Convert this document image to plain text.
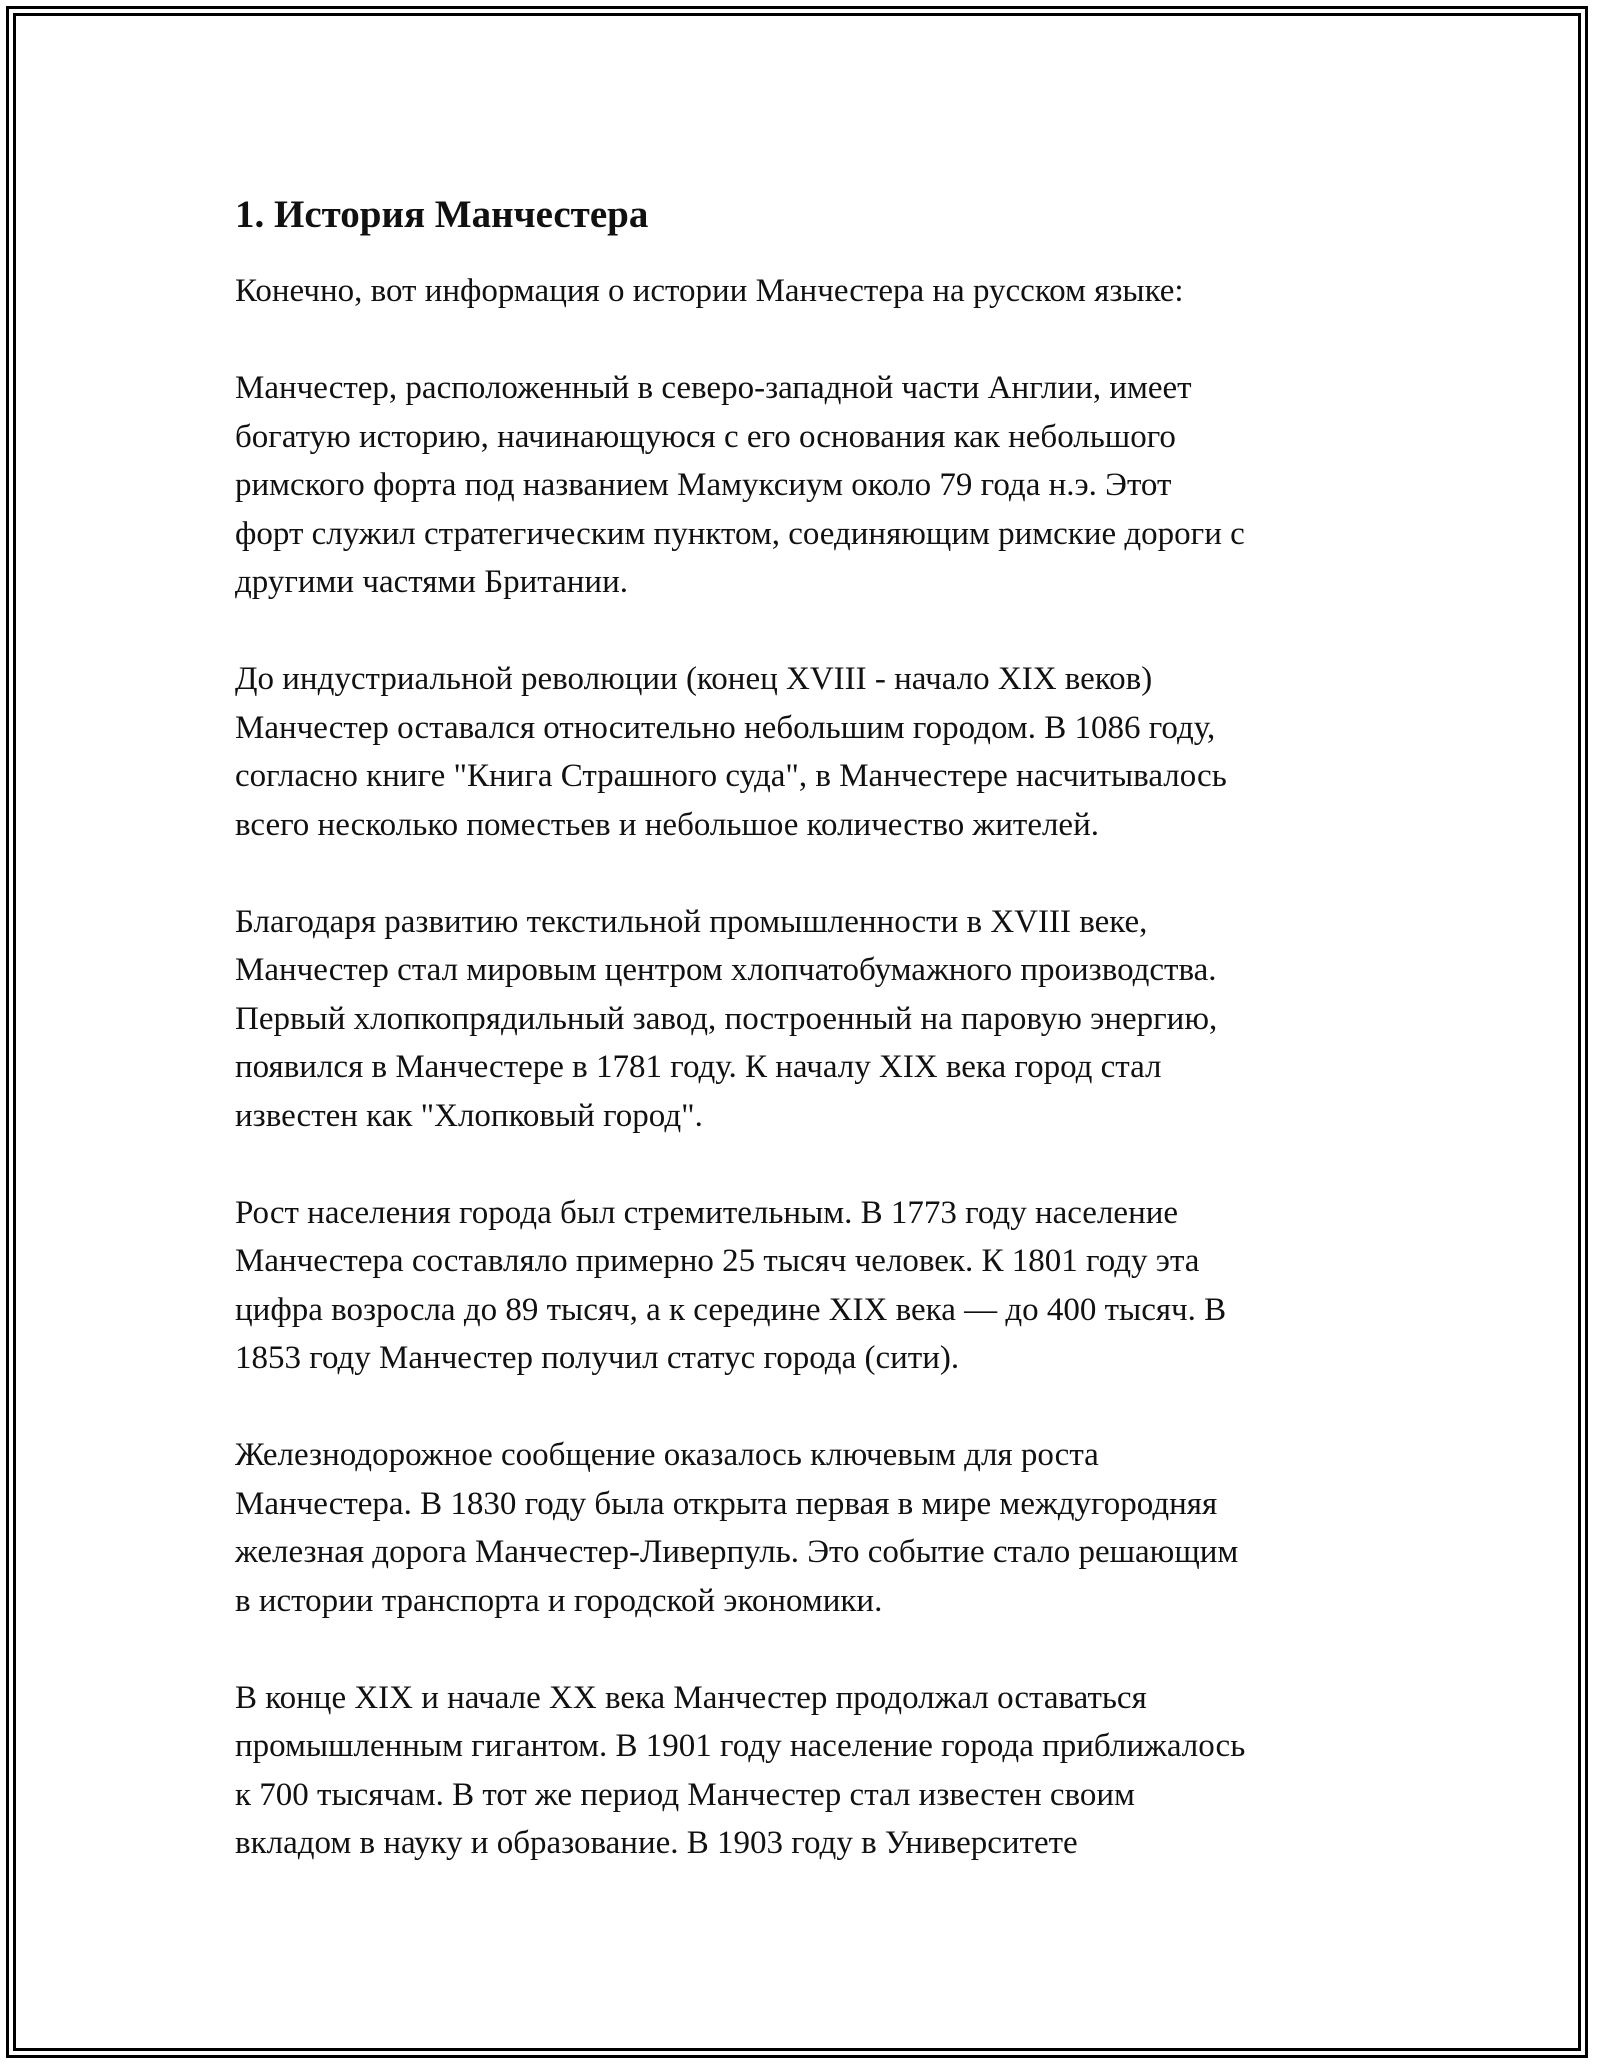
1. История Манчестера

Конечно, вот информация о истории Манчестера на русском языке:

Манчестер, расположенный в северо-западной части Англии, имеет
богатую историю, начинающуюся с его основания как небольшого
римского форта под названием Мамуксиум около 79 года н.э. Этот
форт служил стратегическим пунктом, соединяющим римские дороги с
другими частями Британии.

До индустриальной революции (конец XVIII - начало XIX веков)
Манчестер оставался относительно небольшим городом. В 1086 году,
согласно книге "Книга Страшного суда", в Манчестере насчитывалось
всего несколько поместьев и небольшое количество жителей.

Благодаря развитию текстильной промышленности в XVIII веке,
Манчестер стал мировым центром хлопчатобумажного производства.
Первый хлопкопрядильный завод, построенный на паровую энергию,
появился в Манчестере в 1781 году. К началу XIX века город стал
известен как "Хлопковый город".

Рост населения города был стремительным. В 1773 году население
Манчестера составляло примерно 25 тысяч человек. К 1801 году эта
цифра возросла до 89 тысяч, а к середине XIX века — до 400 тысяч. В
1853 году Манчестер получил статус города (сити).

Железнодорожное сообщение оказалось ключевым для роста
Манчестера. В 1830 году была открыта первая в мире междугородняя
железная дорога Манчестер-Ливерпуль. Это событие стало решающим
в истории транспорта и городской экономики.

В конце XIX и начале XX века Манчестер продолжал оставаться
промышленным гигантом. В 1901 году население города приближалось
к 700 тысячам. В тот же период Манчестер стал известен своим
вкладом в науку и образование. В 1903 году в Университете
